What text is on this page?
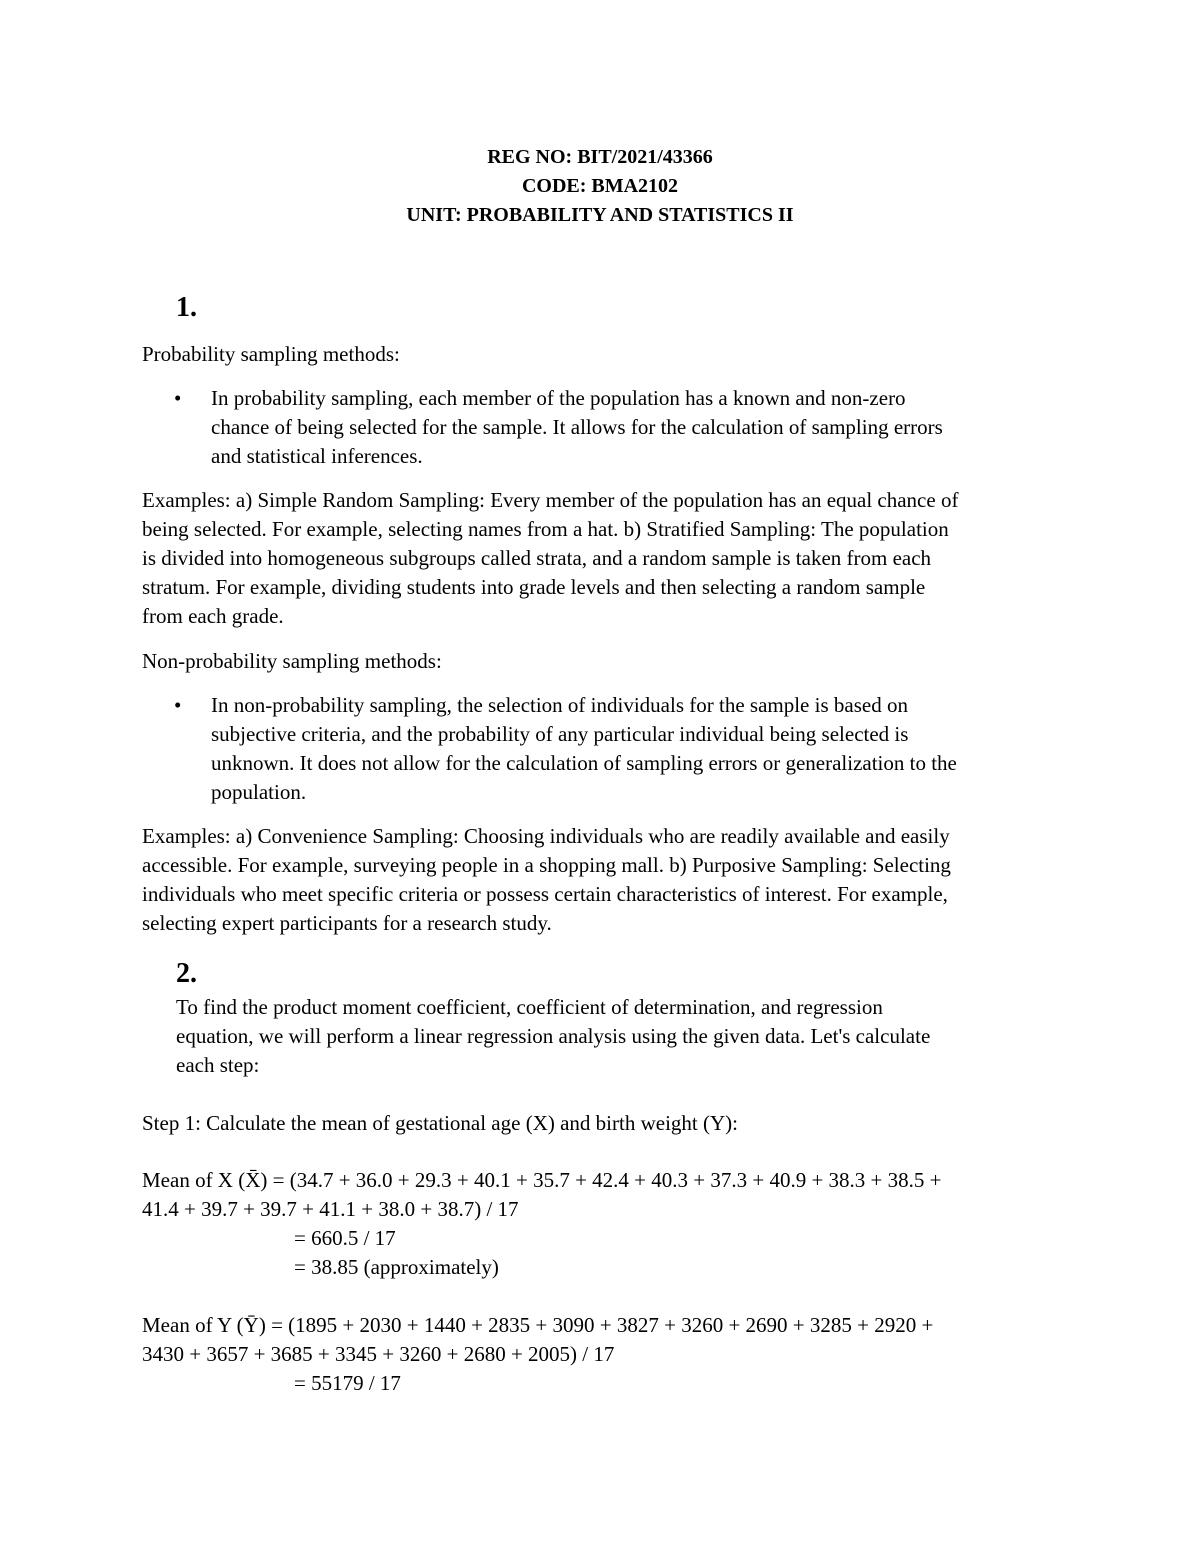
REG NO: BIT/2021/43366
CODE: BMA2102
UNIT: PROBABILITY AND STATISTICS II
1.
Probability sampling methods:
• In probability sampling, each member of the population has a known and non-zero
chance of being selected for the sample. It allows for the calculation of sampling errors
and statistical inferences.
Examples: a) Simple Random Sampling: Every member of the population has an equal chance of
being selected. For example, selecting names from a hat. b) Stratified Sampling: The population
is divided into homogeneous subgroups called strata, and a random sample is taken from each
stratum. For example, dividing students into grade levels and then selecting a random sample
from each grade.
Non-probability sampling methods:
• In non-probability sampling, the selection of individuals for the sample is based on
subjective criteria, and the probability of any particular individual being selected is
unknown. It does not allow for the calculation of sampling errors or generalization to the
population.
Examples: a) Convenience Sampling: Choosing individuals who are readily available and easily
accessible. For example, surveying people in a shopping mall. b) Purposive Sampling: Selecting
individuals who meet specific criteria or possess certain characteristics of interest. For example,
selecting expert participants for a research study.
2.
To find the product moment coefficient, coefficient of determination, and regression
equation, we will perform a linear regression analysis using the given data. Let's calculate
each step:
Step 1: Calculate the mean of gestational age (X) and birth weight (Y):
Mean of X (X̄) = (34.7 + 36.0 + 29.3 + 40.1 + 35.7 + 42.4 + 40.3 + 37.3 + 40.9 + 38.3 + 38.5 +
41.4 + 39.7 + 39.7 + 41.1 + 38.0 + 38.7) / 17
= 660.5 / 17
= 38.85 (approximately)
Mean of Y (Ȳ) = (1895 + 2030 + 1440 + 2835 + 3090 + 3827 + 3260 + 2690 + 3285 + 2920 +
3430 + 3657 + 3685 + 3345 + 3260 + 2680 + 2005) / 17
= 55179 / 17
